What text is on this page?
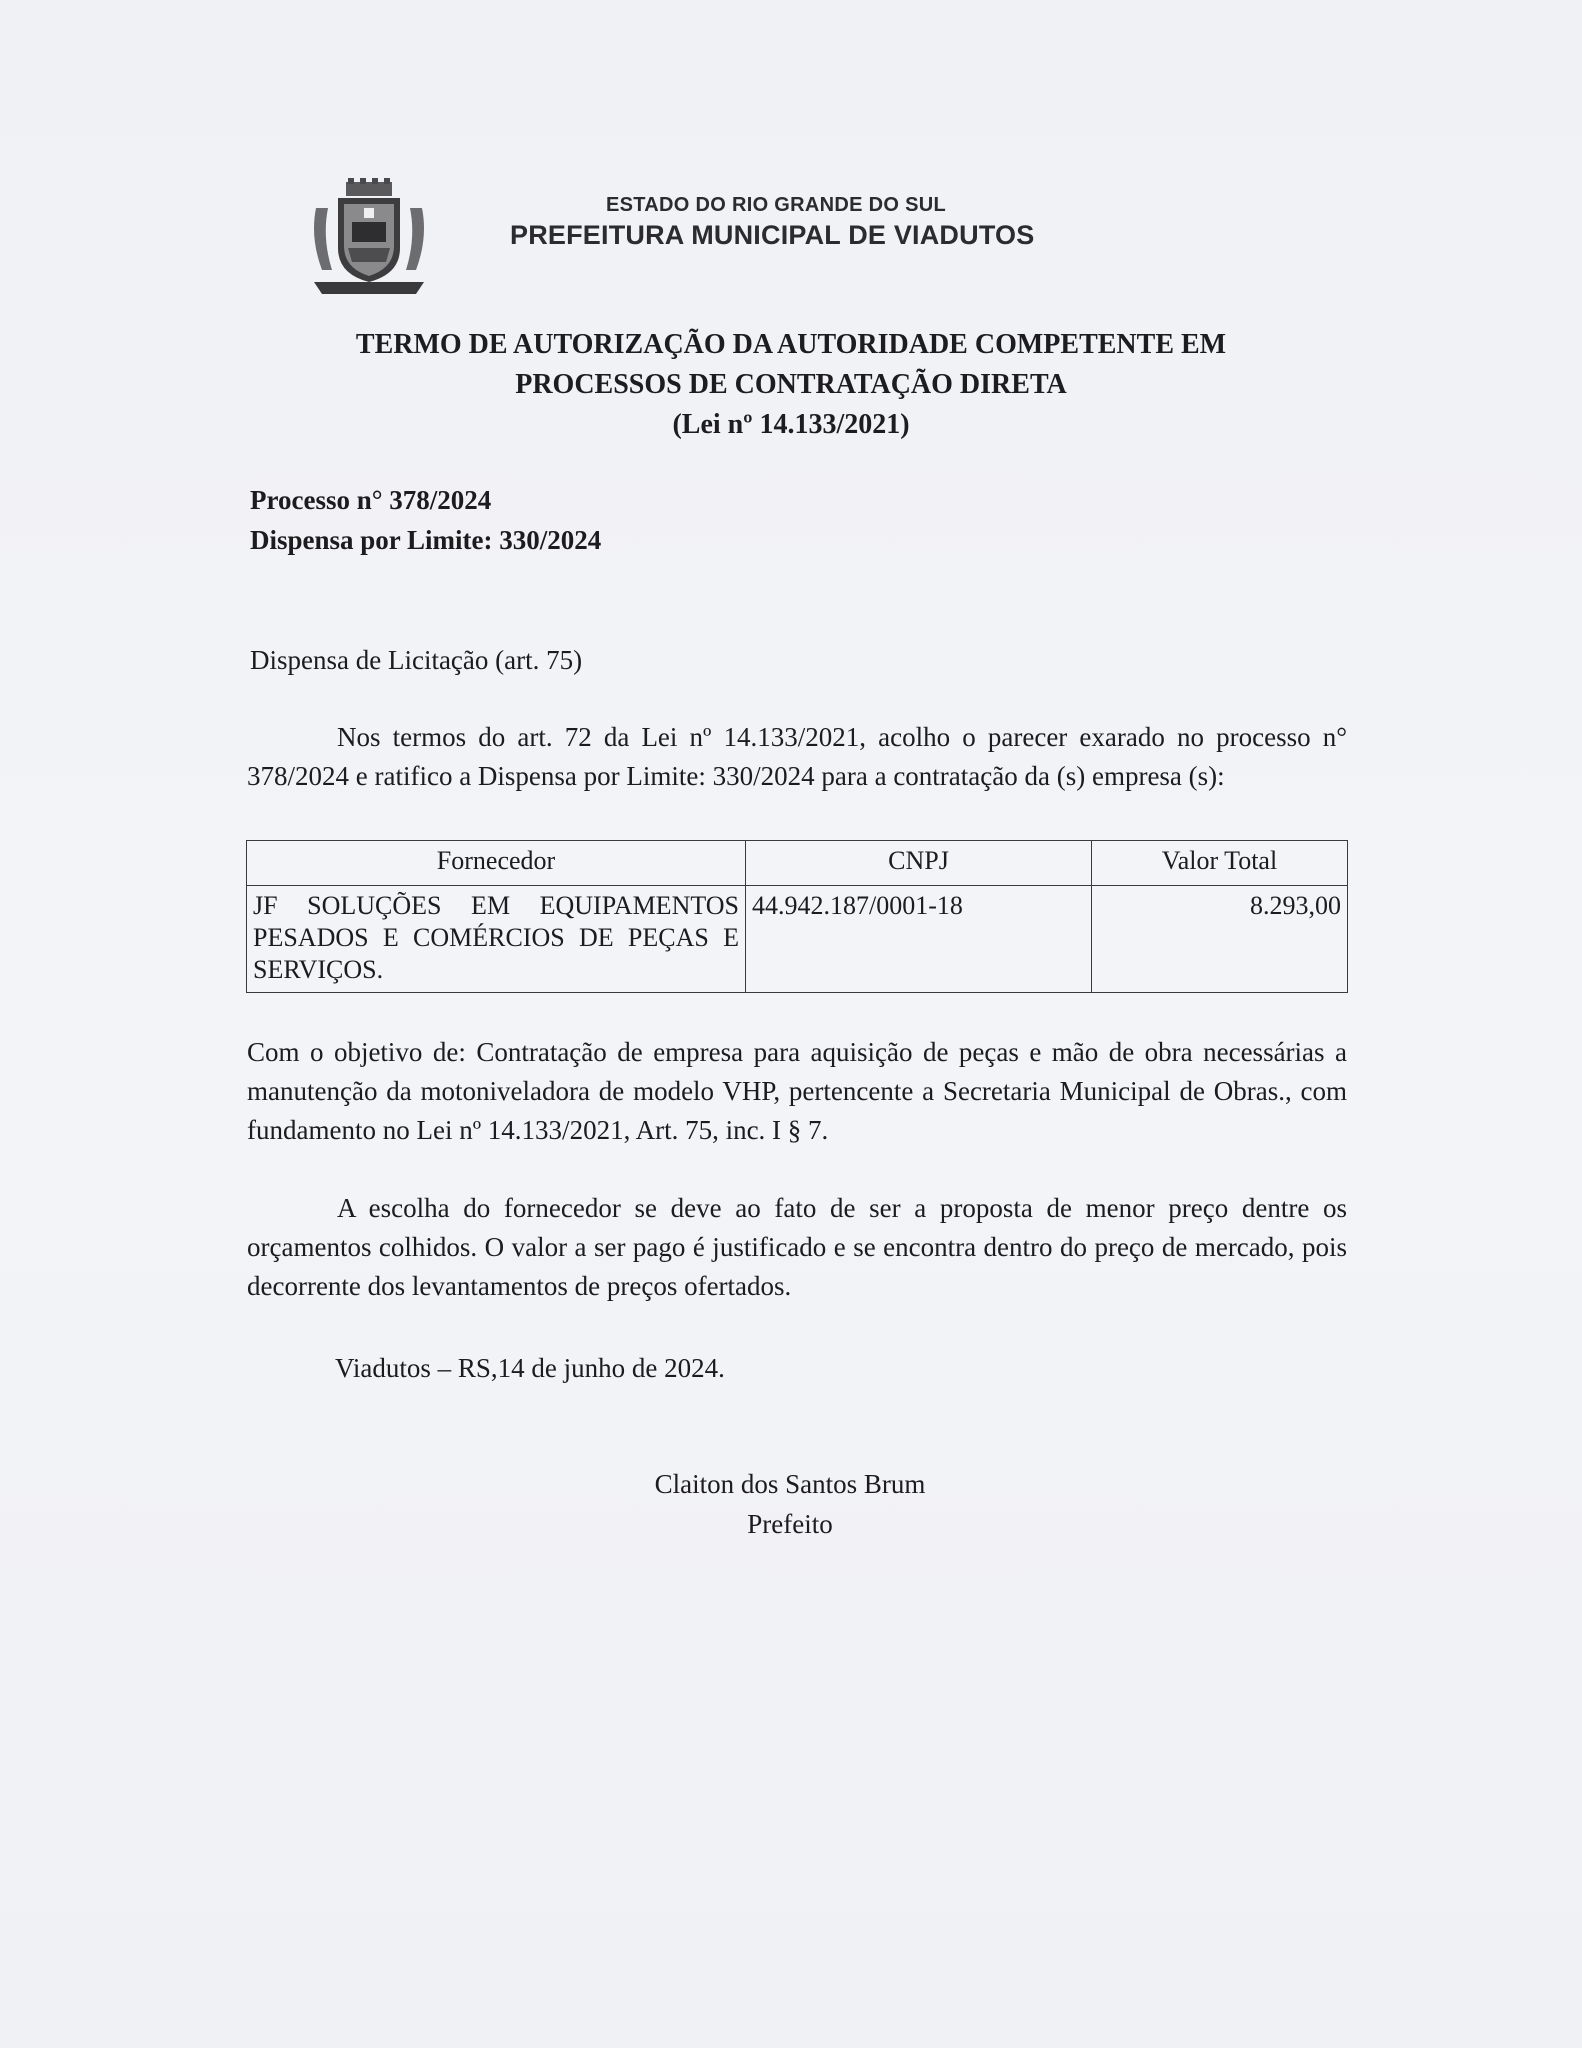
ESTADO DO RIO GRANDE DO SUL
PREFEITURA MUNICIPAL DE VIADUTOS
TERMO DE AUTORIZAÇÃO DA AUTORIDADE COMPETENTE EM
PROCESSOS DE CONTRATAÇÃO DIRETA
(Lei nº 14.133/2021)
Processo n° 378/2024
Dispensa por Limite: 330/2024
Dispensa de Licitação (art. 75)
Nos termos do art. 72 da Lei nº 14.133/2021, acolho o parecer exarado no processo n° 378/2024 e ratifico a Dispensa por Limite: 330/2024 para a contratação da (s) empresa (s):
Fornecedor	CNPJ	Valor Total
JF SOLUÇÕES EM EQUIPAMENTOS PESADOS E COMÉRCIOS DE PEÇAS E SERVIÇOS.	44.942.187/0001-18	8.293,00
Com o objetivo de: Contratação de empresa para aquisição de peças e mão de obra necessárias a manutenção da motoniveladora de modelo VHP, pertencente a Secretaria Municipal de Obras., com fundamento no Lei nº 14.133/2021, Art. 75, inc. I § 7.
A escolha do fornecedor se deve ao fato de ser a proposta de menor preço dentre os orçamentos colhidos. O valor a ser pago é justificado e se encontra dentro do preço de mercado, pois decorrente dos levantamentos de preços ofertados.
Viadutos – RS,14 de junho de 2024.
Claiton dos Santos Brum
Prefeito
